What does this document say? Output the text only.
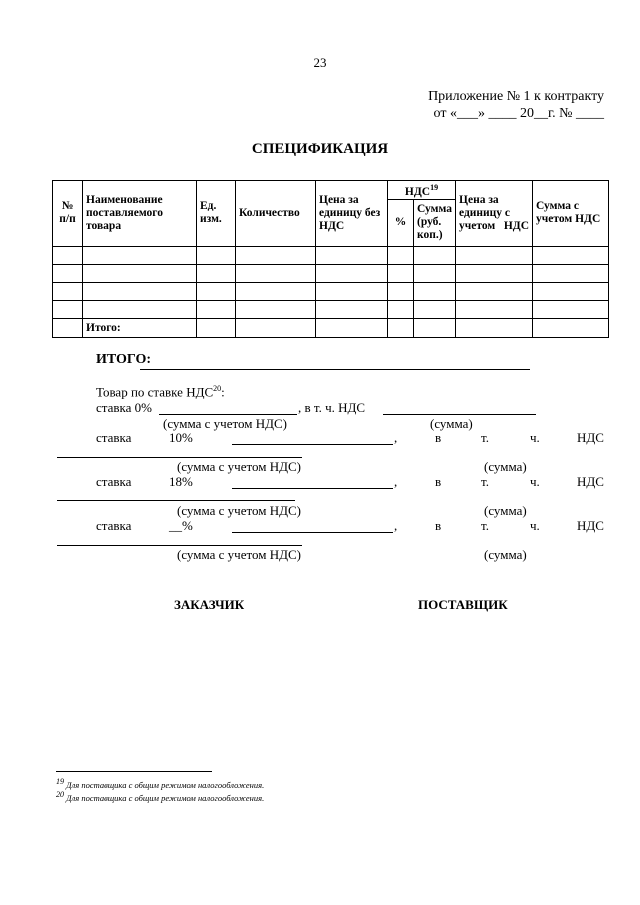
23
Приложение № 1 к контракту
от «___» ____ 20__г. № ____
СПЕЦИФИКАЦИЯ
№ п/п	Наименование поставляемого товара	Ед. изм.	Количество	Цена за единицу без НДС	НДС$^{19}$		Цена за единицу с учетом НДС	Сумма с учетом НДС
					%	Сумма (руб. коп.)		

	Итого:							
ИТОГО:
Товар по ставке НДС$^{20}$:
ставка 0%	, в т. ч. НДС
(сумма с учетом НДС)	(сумма)
ставка	10%	,	в	т.	ч.	НДС
(сумма с учетом НДС)	(сумма)
ставка	18%	,	в	т.	ч.	НДС
(сумма с учетом НДС)	(сумма)
ставка	__%	,	в	т.	ч.	НДС
(сумма с учетом НДС)	(сумма)
ЗАКАЗЧИК	ПОСТАВЩИК
$^{19}$ Для поставщика с общим режимом налогообложения.
$^{20}$ Для поставщика с общим режимом налогообложения.
